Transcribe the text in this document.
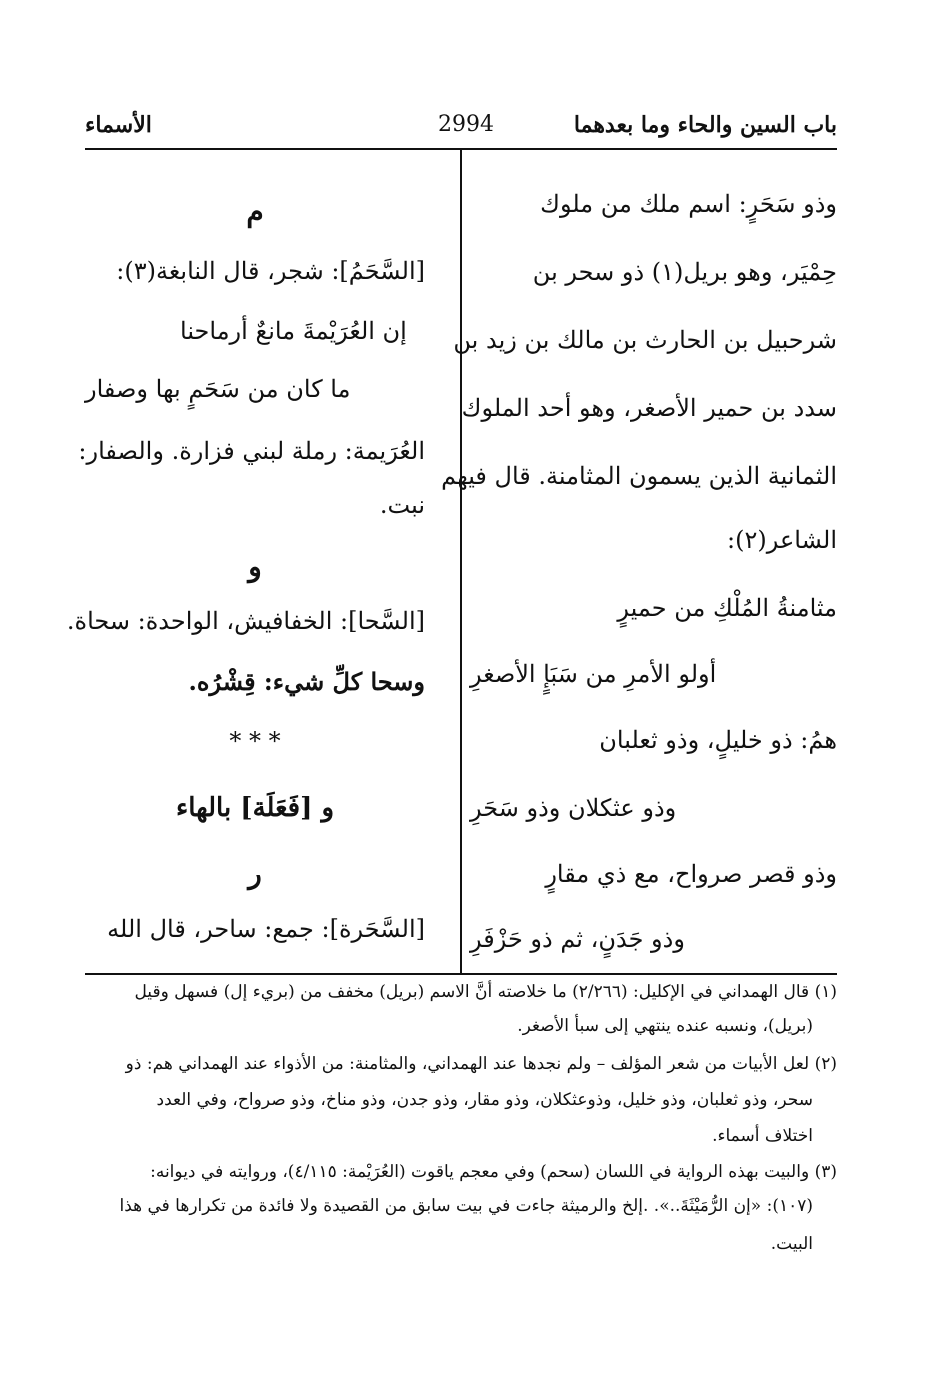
باب السين والحاء وما بعدهما
2994
الأسماء
وذو سَحَرٍ: اسم ملك من ملوك
حِمْيَر، وهو بريل(١) ذو سحر بن
شرحبيل بن الحارث بن مالك بن زيد بن
سدد بن حمير الأصغر، وهو أحد الملوك
الثمانية الذين يسمون المثامنة. قال فيهم
الشاعر(٢):
مثامنةُ المُلْكِ من حميرٍ
أولو الأمرِ من سَبَإٍ الأصغرِ
همُ: ذو خليلٍ، وذو ثعلبان
وذو عثكلان وذو سَحَرِ
وذو قصر صرواح، مع ذي مقارٍ
وذو جَدَنٍ، ثم ذو حَزْفَرِ
م
[السَّحَمُ]: شجر، قال النابغة(٣):
إن العُرَيْمةَ مانعٌ أرماحنا
ما كان من سَحَمٍ بها وصفار
العُرَيمة: رملة لبني فزارة. والصفار:
نبت.
و
[السَّحا]: الخفافيش، الواحدة: سحاة.
وسحا كلِّ شيء: قِشْرُه.
* * *
و [فَعَلَة] بالهاء
ر
[السَّحَرة]: جمع: ساحر، قال الله
(١) قال الهمداني في الإكليل: (٢/٢٦٦) ما خلاصته أنَّ الاسم (بريل) مخفف من (بريء إل) فسهل وقيل
(بريل)، ونسبه عنده ينتهي إلى سبأ الأصغر.
(٢) لعل الأبيات من شعر المؤلف – ولم نجدها عند الهمداني، والمثامنة: من الأذواء عند الهمداني هم: ذو
سحر، وذو ثعلبان، وذو خليل، وذوعثكلان، وذو مقار، وذو جدن، وذو مناخ، وذو صرواح، وفي العدد
اختلاف أسماء.
(٣) والبيت بهذه الرواية في اللسان (سحم) وفي معجم ياقوت (العُرَيْمة: ٤/١١٥)، وروايته في ديوانه:
(١٠٧): «إن الرُّمَيْثَةَ..». .إلخ والرميثة جاءت في بيت سابق من القصيدة ولا فائدة من تكرارها في هذا
البيت.
